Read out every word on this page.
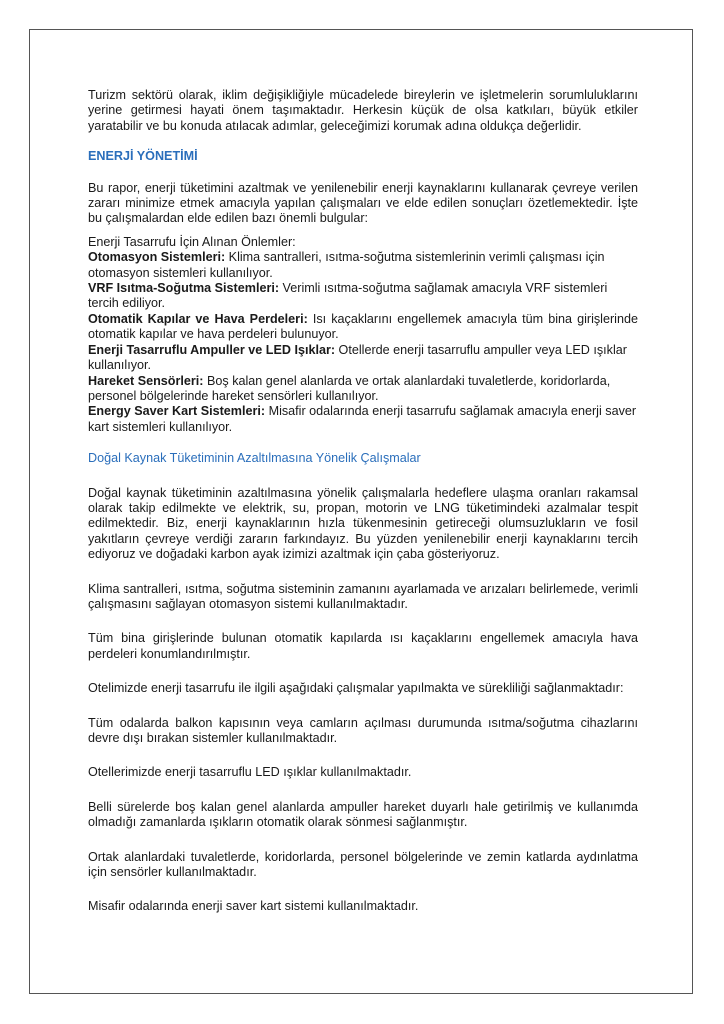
Turizm sektörü olarak, iklim değişikliğiyle mücadelede bireylerin ve işletmelerin sorumluluklarını yerine getirmesi hayati önem taşımaktadır. Herkesin küçük de olsa katkıları, büyük etkiler yaratabilir ve bu konuda atılacak adımlar, geleceğimizi korumak adına oldukça değerlidir.

ENERJİ YÖNETİMİ

Bu rapor, enerji tüketimini azaltmak ve yenilenebilir enerji kaynaklarını kullanarak çevreye verilen zararı minimize etmek amacıyla yapılan çalışmaları ve elde edilen sonuçları özetlemektedir. İşte bu çalışmalardan elde edilen bazı önemli bulgular:

Enerji Tasarrufu İçin Alınan Önlemler:

Otomasyon Sistemleri: Klima santralleri, ısıtma-soğutma sistemlerinin verimli çalışması için otomasyon sistemleri kullanılıyor.

VRF Isıtma-Soğutma Sistemleri: Verimli ısıtma-soğutma sağlamak amacıyla VRF sistemleri tercih ediliyor.

Otomatik Kapılar ve Hava Perdeleri: Isı kaçaklarını engellemek amacıyla tüm bina girişlerinde otomatik kapılar ve hava perdeleri bulunuyor.

Enerji Tasarruflu Ampuller ve LED Işıklar: Otellerde enerji tasarruflu ampuller veya LED ışıklar kullanılıyor.

Hareket Sensörleri: Boş kalan genel alanlarda ve ortak alanlardaki tuvaletlerde, koridorlarda, personel bölgelerinde hareket sensörleri kullanılıyor.

Energy Saver Kart Sistemleri: Misafir odalarında enerji tasarrufu sağlamak amacıyla enerji saver kart sistemleri kullanılıyor.

Doğal Kaynak Tüketiminin Azaltılmasına Yönelik Çalışmalar

Doğal kaynak tüketiminin azaltılmasına yönelik çalışmalarla hedeflere ulaşma oranları rakamsal olarak takip edilmekte ve elektrik, su, propan, motorin ve LNG tüketimindeki azalmalar tespit edilmektedir. Biz, enerji kaynaklarının hızla tükenmesinin getireceği olumsuzlukların ve fosil yakıtların çevreye verdiği zararın farkındayız. Bu yüzden yenilenebilir enerji kaynaklarını tercih ediyoruz ve doğadaki karbon ayak izimizi azaltmak için çaba gösteriyoruz.

Klima santralleri, ısıtma, soğutma sisteminin zamanını ayarlamada ve arızaları belirlemede, verimli çalışmasını sağlayan otomasyon sistemi kullanılmaktadır.

Tüm bina girişlerinde bulunan otomatik kapılarda ısı kaçaklarını engellemek amacıyla hava perdeleri konumlandırılmıştır.

Otelimizde enerji tasarrufu ile ilgili aşağıdaki çalışmalar yapılmakta ve sürekliliği sağlanmaktadır:

Tüm odalarda balkon kapısının veya camların açılması durumunda ısıtma/soğutma cihazlarını devre dışı bırakan sistemler kullanılmaktadır.

Otellerimizde enerji tasarruflu LED ışıklar kullanılmaktadır.

Belli sürelerde boş kalan genel alanlarda ampuller hareket duyarlı hale getirilmiş ve kullanımda olmadığı zamanlarda ışıkların otomatik olarak sönmesi sağlanmıştır.

Ortak alanlardaki tuvaletlerde, koridorlarda, personel bölgelerinde ve zemin katlarda aydınlatma için sensörler kullanılmaktadır.

Misafir odalarında enerji saver kart sistemi kullanılmaktadır.
